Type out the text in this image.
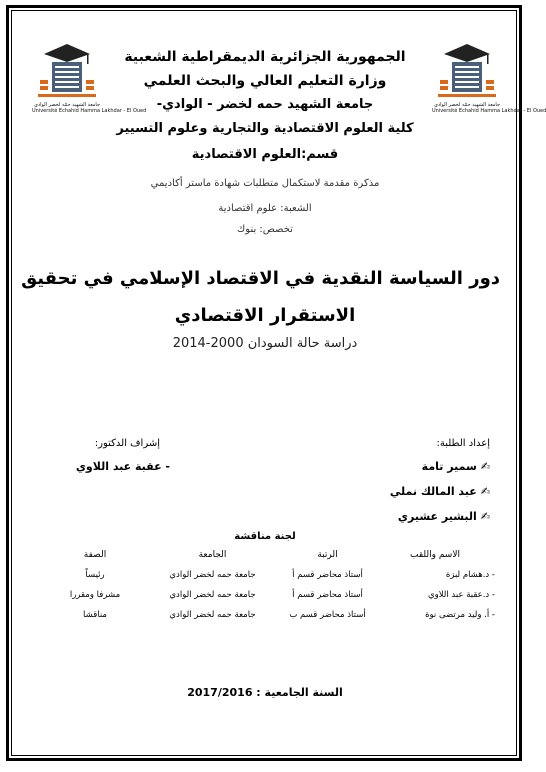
جامعة الشهيد حمّه لخضر الوادي
Université Echahid Hamma Lakhdar - El Oued
جامعة الشهيد حمّه لخضر الوادي
Université Echahid Hamma Lakhdar - El Oued
الجمهورية الجزائرية الديمقراطية الشعبية
وزارة التعليم العالي والبحث العلمي
جامعة الشهيد حمه لخضر - الوادي-
كلية العلوم الاقتصادية والتجارية وعلوم التسيير
قسم:العلوم الاقتصادية
مذكرة مقدمة لاستكمال متطلبات شهادة ماستر أكاديمي
الشعبة: علوم اقتصادية
تخصص: بنوك
دور السياسة النقدية في الاقتصاد الإسلامي في تحقيق
الاستقرار الاقتصادي
دراسة حالة السودان 2000-2014
إشراف الدكتور:
- عقبة عبد اللاوي
إعداد الطلبة:
✍سمير تامة
✍عبد المالك نملي
✍البشير عشيري
لجنة مناقشة
الاسم واللقب	الرتبة	الجامعة	الصفة
- د.هشام لبزة	أستاذ محاضر قسم أ	جامعة حمه لخضر الوادي	رئيساً
- د.عقبة عبد اللاوي	أستاذ محاضر قسم أ	جامعة حمه لخضر الوادي	مشرفا ومقررا
- أ. وليد مرتضى نوة	أستاذ محاضر قسم ب	جامعة حمه لخضر الوادي	مناقشا
السنة الجامعية : 2017/2016
